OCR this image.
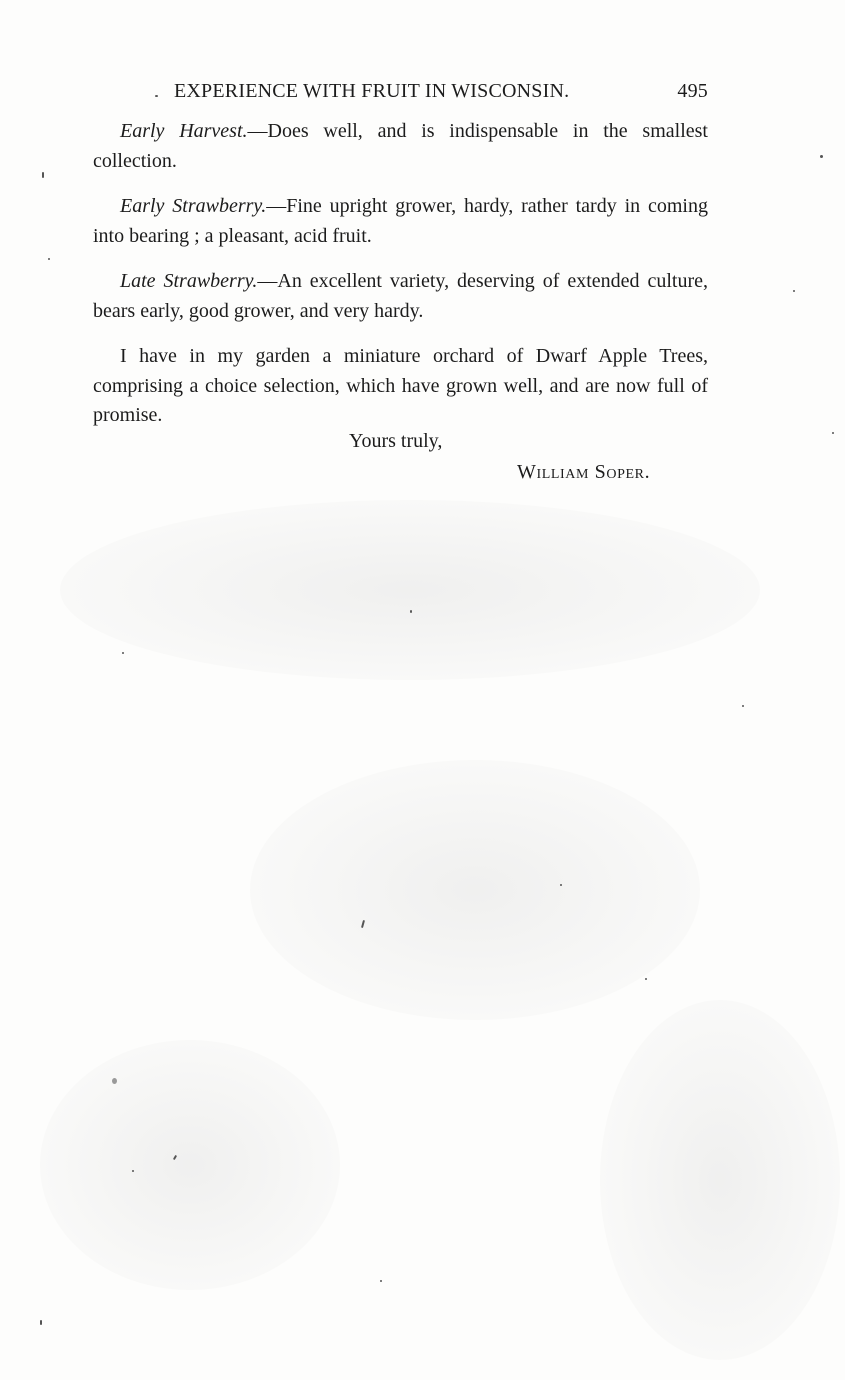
EXPERIENCE WITH FRUIT IN WISCONSIN.	495

Early Harvest.—Does well, and is indispensable in the smallest collection.

Early Strawberry.—Fine upright grower, hardy, rather tardy in coming into bearing ; a pleasant, acid fruit.

Late Strawberry.—An excellent variety, deserving of extended culture, bears early, good grower, and very hardy.

I have in my garden a miniature orchard of Dwarf Apple Trees, comprising a choice selection, which have grown well, and are now full of promise.

Yours truly,
William Soper.
